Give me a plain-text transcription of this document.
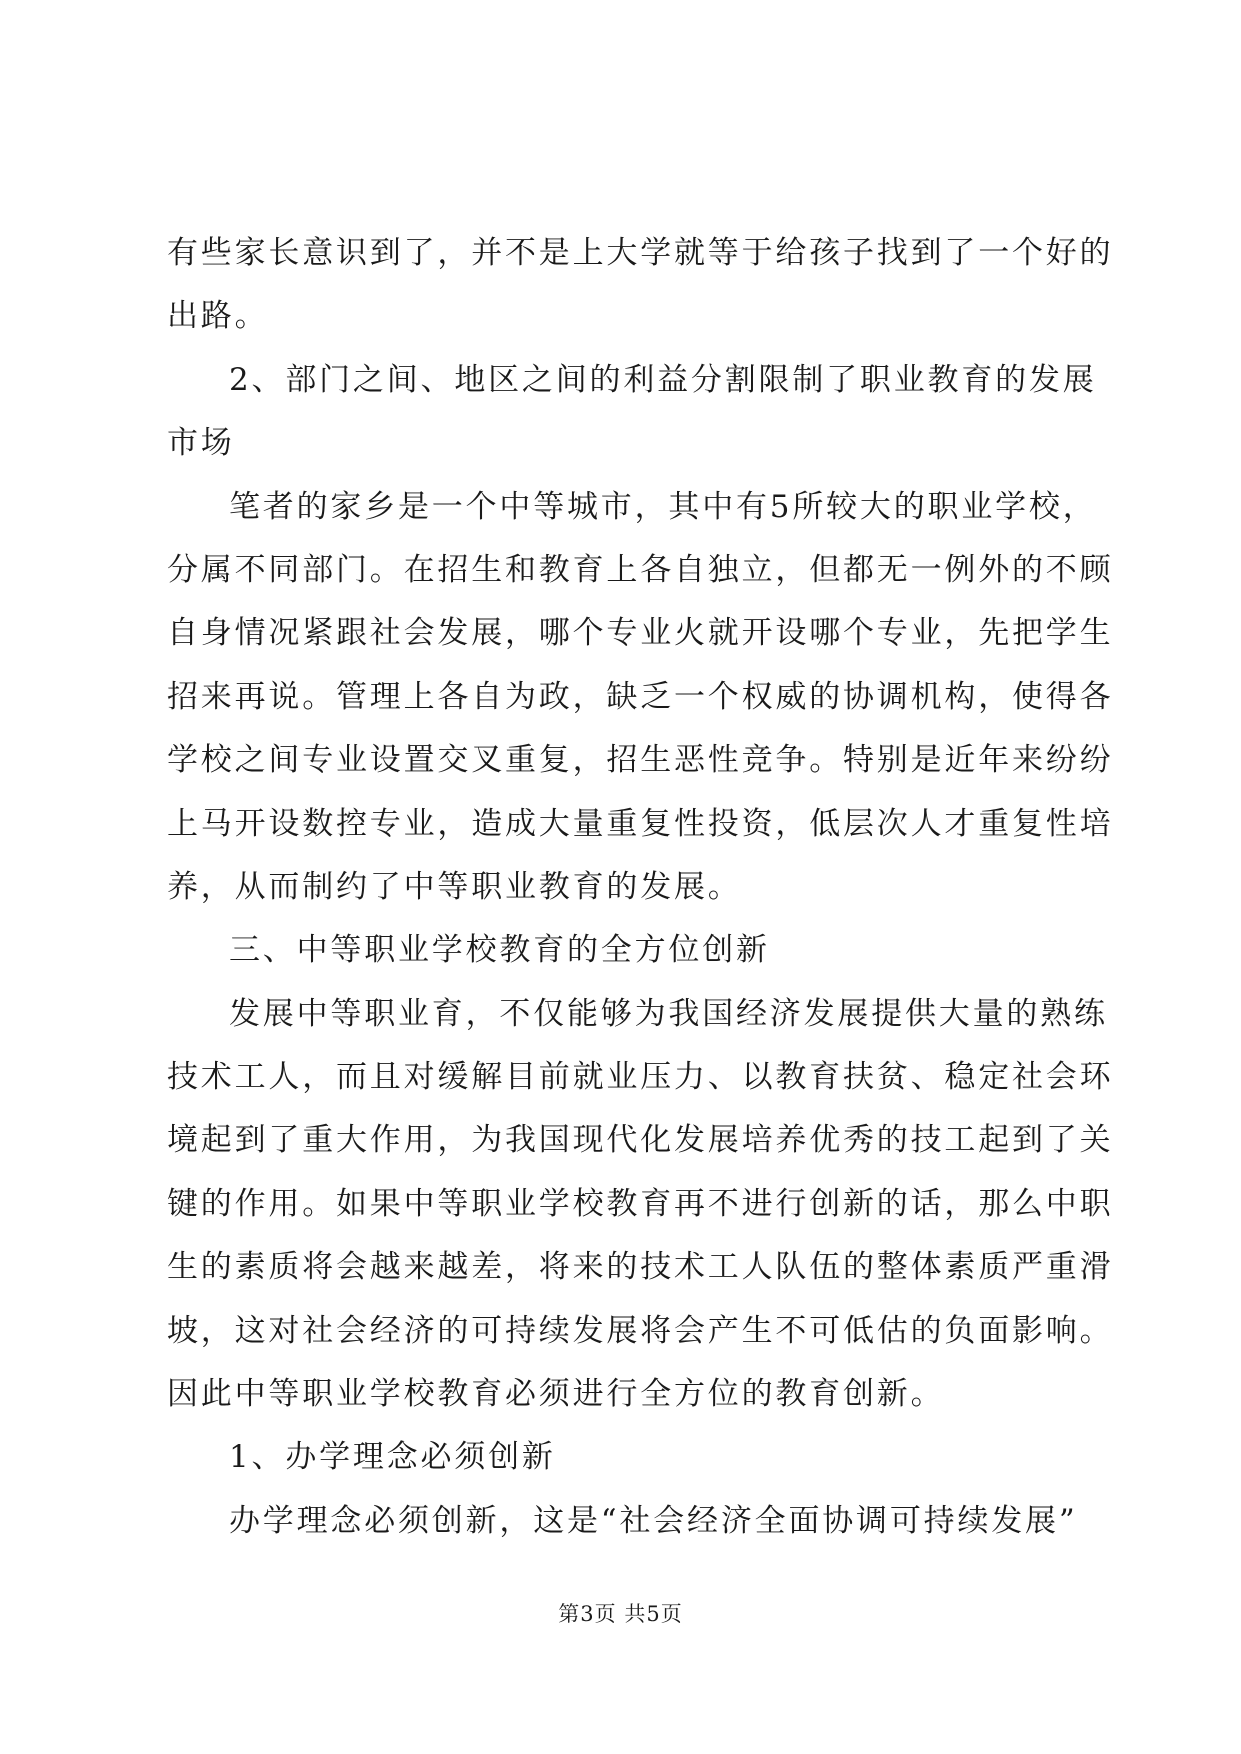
有些家长意识到了，并不是上大学就等于给孩子找到了一个好的
出路。
2、部门之间、地区之间的利益分割限制了职业教育的发展
市场
笔者的家乡是一个中等城市，其中有5所较大的职业学校，
分属不同部门。在招生和教育上各自独立，但都无一例外的不顾
自身情况紧跟社会发展，哪个专业火就开设哪个专业，先把学生
招来再说。管理上各自为政，缺乏一个权威的协调机构，使得各
学校之间专业设置交叉重复，招生恶性竞争。特别是近年来纷纷
上马开设数控专业，造成大量重复性投资，低层次人才重复性培
养，从而制约了中等职业教育的发展。
三、中等职业学校教育的全方位创新
发展中等职业育，不仅能够为我国经济发展提供大量的熟练
技术工人，而且对缓解目前就业压力、以教育扶贫、稳定社会环
境起到了重大作用，为我国现代化发展培养优秀的技工起到了关
键的作用。如果中等职业学校教育再不进行创新的话，那么中职
生的素质将会越来越差，将来的技术工人队伍的整体素质严重滑
坡，这对社会经济的可持续发展将会产生不可低估的负面影响。
因此中等职业学校教育必须进行全方位的教育创新。
1、办学理念必须创新
办学理念必须创新，这是“社会经济全面协调可持续发展”
第3页 共5页
